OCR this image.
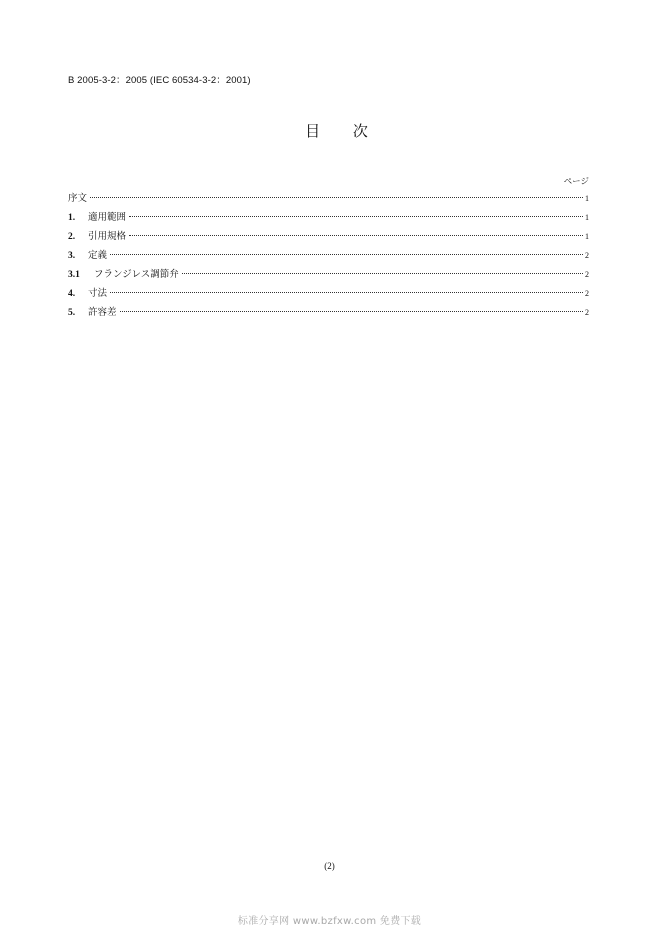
B 2005-3-2：2005 (IEC 60534-3-2：2001)
目 次
ページ
序文	1
1.	適用範囲	1
2.	引用規格	1
3.	定義	2
3.1	フランジレス調節弁	2
4.	寸法	2
5.	許容差	2
(2)
标准分享网 www.bzfxw.com 免费下载
